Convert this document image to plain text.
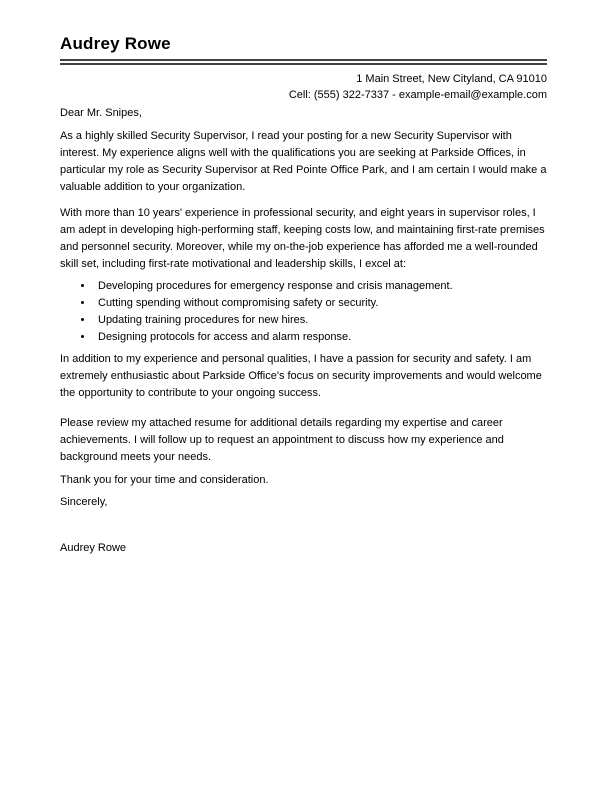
Audrey Rowe
1 Main Street, New Cityland, CA 91010
Cell: (555) 322-7337 - example-email@example.com

Dear Mr. Snipes,

As a highly skilled Security Supervisor, I read your posting for a new Security Supervisor with interest. My experience aligns well with the qualifications you are seeking at Parkside Offices, in particular my role as Security Supervisor at Red Pointe Office Park, and I am certain I would make a valuable addition to your organization.

With more than 10 years' experience in professional security, and eight years in supervisor roles, I am adept in developing high-performing staff, keeping costs low, and maintaining first-rate premises and personnel security. Moreover, while my on-the-job experience has afforded me a well-rounded skill set, including first-rate motivational and leadership skills, I excel at:

• Developing procedures for emergency response and crisis management.
• Cutting spending without compromising safety or security.
• Updating training procedures for new hires.
• Designing protocols for access and alarm response.

In addition to my experience and personal qualities, I have a passion for security and safety. I am extremely enthusiastic about Parkside Office's focus on security improvements and would welcome the opportunity to contribute to your ongoing success.

Please review my attached resume for additional details regarding my expertise and career achievements. I will follow up to request an appointment to discuss how my experience and background meets your needs.

Thank you for your time and consideration.

Sincerely,

Audrey Rowe
